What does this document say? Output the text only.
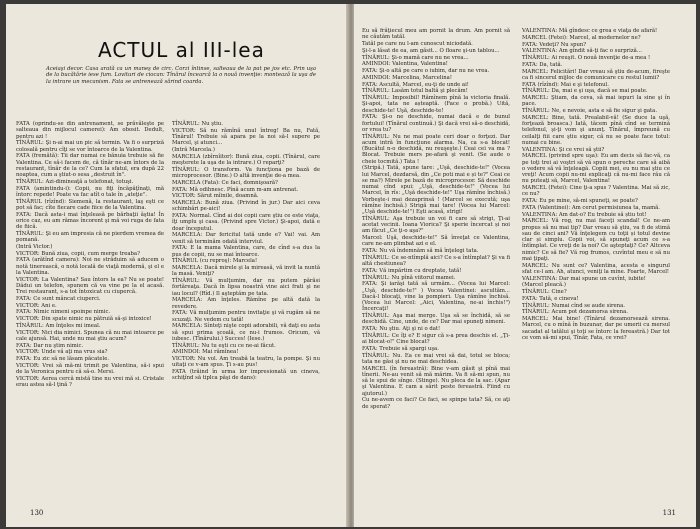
ACTUL al III-lea
Aceiaşi decor. Casa arată ca un maneş de circ. Corzi întinse, salteaua de la pat pe jos etc. Prin uşa de la bucătărie iese fum. Lovituri de ciocan: Tînărul încearcă la o nouă invenţie: montează la uşa de la intrare un mecanism. Fata se antrenează sărind coarda.

FATA (oprindu-se din antrenament, se prăvăleşte pe salteaua din mijlocul camerei): Am obosit. Dedult, pentru azi !

TÎNĂRUL: Şi n-ai mai un pic să termin. Va fi o surpriză colosală pentru cîţi se vor întoarce de la Valentina.

FATA (fremătă): Tii dar numai ce bănuia trebuie să fie Valentina. Ce să-i facem de, că tînăr ne-am întors de la restaurant, tînăr de la ce? Cum la sfatul, era după 22 noaptea, cum a ştiut-o sesa „destruit în".

TÎNĂRUL: Azi-dimineaţă a telefonat, totuşi.

FATA (amintindu-i): Copii, nu fiţi încăpăţînaţi, mă întorc repede! Poate va fac atît o tale în „ateţie".

TÎNĂRUL (rîzînd): Siemenă, la restaurant, laş eşti ce pot să fac; cîte fiecare cade fiice de la Valentina.

FATA: Dacă asta-i mai înţeleasă pe bărbaţii ăştia! În orice caz, eu am rămas încorent şi mă voi ruga de fata de fiică.

TÎNĂRUL: Şi eu am impresia că ne pierdem vremea de pomană.

(Intră Victor.)

VICTOR: Bună ziua, copii, cum merge treaba?

FATA (arătînd camera): Noi ne străduim să aducem o notă tinerească, o notă locală de viaţă modernă, şi el e la Valentina.

VICTOR: La Valentina? Sau întors la ea? Nu se poate! Dădui un telefon, spunem că va vine pe la el acasă. Trei restaurant, s-a tot întoxicat cu ciupercă.

FATA: Ce sunt mâncat ciuperci.

VICTOR: Ani e.

FATA: Nimic nimeni spoinpe nimic.

VICTOR: Din spate nimic nu pătruiă să-şi intoxice!

TÎNĂRUL: Am înţeles mi imeal.

VICTOR: Nici dia nimici. Spunea că nu mai intoarce pe cale ajunsă. Hai, unde nu mai ştiu acum?

FATA: Dar nu ştim nimic.

VICTOR: Unde vă aţi ma vrus sia?

FATA: Eu zic să ne lăsam păcatele.

VICTOR: Vrei să mă-mi trimit pe Valentina, să-i spui de la Veronica pentru că să-o. Mersi.

VICTOR: Aerea cercă mistă tine nu vrei mă si. Cristale erau astea să-l ţină ?

TÎNĂRUL: Nu ştiu.

VICTOR: Să nu rămînă unul întreg! Ba nu, Fată, Tînărul! Trebuie să apara pe la noi să-l supere pe Marcel, şi atunci...

(Intră Marcela.)

MARCELA (zbîrnîitor): Bună ziua, copii. (Tînărul, care meşterete la uşa de la intrare.) O reparţi?

TÎNĂRUL: O transform. Va funcţiona pe bază de microprocesor. (Bine.) O altă invenţie de-a mea.

MARCELA (Fata): Ce faci, domnişoară?

FATA: Mă odihnesc. Pînă acum m-am antrenat.

VICTOR: Sărut mîinile, doamnă.

MARCELA: Bună ziua. (Privind în jur.) Dar aici ceva schimbări pe-aici!

FATA: Normal. Cînd ai doi copii care ştiu ce este viaţa, îţi umplu şi casa. (Privind spre Victor.) Şi-apoi, dată e doar începutul.

MARCELA: Dar fericitul tată unde e? Vai! vai. Am venit să terminăm odată interviul.

FATA: E la mama Valentina, care, de cînd s-a dus la pus de copii, nu se mai întoarce.

TÎNĂRUL (cu reproş): Marcela!

MARCELA: Dacă mirele şi la mireasă, vă invit la nuntă la masă. Veniţi?

TÎNĂRUL: Vă mulţumim, dar nu putem părăsi fortăreaţa. Dacă în lipsa noastră vine aici frati şi ne iau locul? (Rîd.) Il aşteptăm pe tata.

MARCELA: Am înţeles. Rămîne pe altă dată la revedere.

FATA: Vă mulţumim pentru invitaţie şi vă rugăm să ne scuzaţi. Ne vedem cu tată!

MARCELA: Sînteţi nişte copii adorabili, vă daţi eu asta să spui prima şcoală, ce nu-i frumos. Oricum, vă iubesc. (Tînărului.) Succes! (Iese.)

TÎNĂRUL: Nu tu eşti cu ce ne-ai făcut.

AMINDOI: Mai rămînea!

VICTOR: Nu vol. Am treabă la teatru, la pompe. Şi nu uitaţi ce v-am spus. Ţi s-au pus!

FATA (trăind în urma lor impresionată un cineva, schiţînd să tiplca păşi de dans):

130

Eu să frăţiecul meu am pornit la drum. Am pornit să ne căutăm tatăl.

Tatăl pe care nu l-am cunoscut niciodată.

Şi-l-a lăsat de ea, am găsit... O floare şi-un tablou...

TÎNĂRUL: Şi-o mamă care nu ne vrea...

AMINDOI: Valentina, Valentina!

FATA: Şi-o altă pe care o iubim, dar nu ne vrea.

AMINDOI: Marcelina, Marcelina!

FATA: Ascultă, Marcel, eu-ţi de unde ai!

TÎNĂRUL: Lasăm totul baltă şi plecăm!

TÎNĂRUL: Imposibil! Rămînem pînă la victoria finală. Şi-apoi, tata ne așteaptă. (Face o probă.) Uită, deschide-te! Uşă, deschide-te!

FATA: Şi-o ne deschide, numai dacă e de bunul fortului! (Tînărul continuă.) Şi dacă vrei să-o deschidă, or vrea tu?

TÎNĂRUL: Nu ne mai poate ceri doar o forţezi. Dar acum intră în funcţiune alarma. Na, ca s-a blocat! (Bucătul n-o deschidă, nu reuşeşte.) Ceai cei va ma ? Blocat. Trebuie mers pe-afară şi venit. (Se aude o cheie tocmită.) Tata !

(Stripă.) Tată, spune tare: „Uşă, deschide-te!" (Vocea lui Marcel, dezdarsă, din „Ce poti mai e și te?" Ceai ce se ma?) Mirele pe bază de microprocesor. Să deschide numai cînd spui: „Uşă, deschide-te!" (Vocea lui Marcel, în rîs: „Uşă deschide-te!" Uşa rămîne închisă.) Vorbeşte-i mai dezaprinsă ! (Marcel se execută; uşa rămîne închisă.) Strigă mai tare! (Vocea lui Marcel: „Uşă deschide-te!") Eşti acasă, strigi!

TÎNĂRUL: Aşa trebuie un voi fi care să strigi, Ţi-ai acetat vecinii. Ioana Viorica? Şi sperie încercat și noi am făcut „Ce ţi-o aşa?"

Marcel: Uşă, deschide-te!" Să înveţat ce Valentina, care ne-am plimbat azi e el.

FATA: Nu vă îndemnăm să mă înţelegi tata.

TÎNĂRUL: Ce se-ntîmplă aici? Ce s-a întîmplat? Şi va fi altă chestiunea?

FATA: Vă impărtim cu dreptate, tată!

TÎNĂRUL: Nu pînă viitorul mamei.

FATA: Şi iarăşi tată să urmăm... (Vocea lui Marcel: „Uşă, deschide-te!" ) Vocea Valentinei: ascultăm... Dacă-l blocaţi, vine la pompieri. Uşa rămîne închisă. (Vocea lui Marcel: „Aici, Valentina, ne-ai închis!") Încercaţi!

TÎNĂRUL: Aşa mai merge. Uşa să se închidă, să se deschidă. Cine, unde, de ce? Dar mai spuneţi nimeni.

FATA: Nu ştiu. Aţi şi ni o dat!

TÎNĂRUL: Ce îţi e? E sigur că s-a prea deschis el. „Ţi-ai blocat-o!" Cine blocat?

FATA: Trebuie să spargi uşa.

TÎNĂRUL: Nu. Ea ce mai vrei să dai, totul se bloca; tata ne găsi şi nu ne mai deschidea.

MARCEL (în fereastră): Bine v-am găsit şi pînă mai tînerii. Ne-au venit să mă mărim. Va fi să-mi spun, nu să le spui de sînge. (Stinge). Nu pleca de la sac. (Apar şi Valentina. E cam a sărit peste fereastră. Fiind cu ajutorul.)

Cu ne-avem ce faci? Ce faci, se spinpe tata? Să, ce aţi de sperat?

VALENTINA: Mă gîndesc ce grea e viaţa de afară!

MARCEL (Fetei): Marcel, al modernelor ne?

FATA: Vedeţi? Nu spun?

VALENTINA: Am gîndit să-ţi fac o surpriză...

TÎNĂRUL: Ai reuşit. O nouă invenţie de-a mea !

FATA: Da, tată.

MARCEL: Felicitări! Dar vreau să ştiu de-acum, fireşte ca fi sincerul mijloc de comunicare cu restul lumii?

FATA (rîzînd): Mai e şi telefonul.

TÎNĂRUL: Da, mai e şi uşa, dacă se mai poate.

MARCEL: Ştiam, da ceva, să mai iepuri la sine şi în pace.

TÎNĂRUL: Ne, e nevoie, asta e să fie sigur şi gata.

MARCEL: Bine, tată. Prealabil-vă! (Se duce la uşă, forţează broasca.) Iată, tăcem pînă cînd se termină telefonul, şi-ţi vom şi anunţ. Tînărul, împreună cu ceilalţi fiii care ştiu sigur, că nu se poate face totul: numai cu bine.

VALENTINA: Şi ce vrei să ştii?

MARCEL (privind spre uşa): Eu am decis să fac-vă, ca pe toţi trei ai voştri să vă spun o pereche care să aibă o vedere să vă înţeleagă. Copiii mei, eu nu mai ştiu ce vreţi! Acum copii nu-mi explicaţi că nu-mi face rău că nu puteaţi să, Marcel, Valentina!

MARCEL (Fetei): Cine ţi-a spus ? Valentina. Mai să zic, ce nu?

FATA: Eu pe mine, să-mi spuneţi, se poate?

FATA (Valentinei): Am cerut permisiunea ta, mamă.

VALENTINA: Am dat-o? Eu trebuie să știu tot!

MARCEL: Vă rog, nu mai faceţi scandal! Ce ne-am propus să nu mai țip? Dar vreau să ştiu, va fi de stimă sau de cinci ani? Vă înţelegem cu toţii și totul devine clar și simplu. Copii voi, să spuneţi acum ce s-a întîmplat. Ce vreţi de la noi? Ce aşteptaţi? Ce? Altceva nimic? Ce să fie? Vă rog frumos, cuvîntul meu e să nu mai ţipaţi.

MARCEL: Nu sunt ce? Valentina, acesta e singurul sfat ce-l am. Ah, atunci, veniţi la mine. Foarte, Marcel!

VALENTINA: Dar mai spune un cuvînt, iubite!

(Marcel pleacă.)

TÎNĂRUL: Cine?

FATA: Tată, e cineva!

TÎNĂRUL: Numai cînd se aude sirena.

TÎNĂRUL: Acum pot dezamorsa sirena.

MARCEL: Mai bine! (Tînărul dezamorsează sirena. Marcel, cu o mînă în buzunar, dar pe umerii cu mersul sacadat al tatălui şi toţi se întorc la fereastră.) Dar tot ce vom să-mi spui, Tînăr, Fata, ce vrei?

131
